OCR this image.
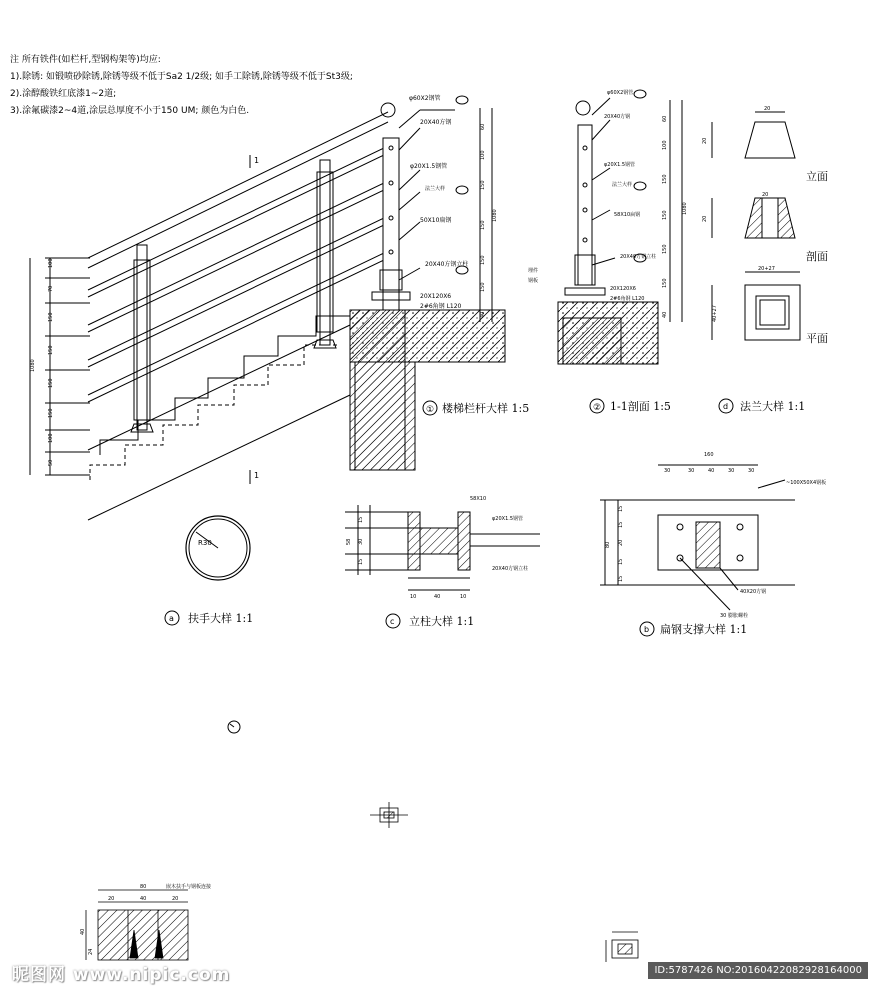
注 所有铁件(如栏杆,型钢构架等)均应:
1).除锈: 如锻喷砂除锈,除锈等级不低于Sa2 1/2级; 如手工除锈,除锈等级不低于St3级;
2).涂醇酸铁红底漆1~2道;
3).涂氟碳漆2~4道,涂层总厚度不小于150 UM; 颜色为白色.
1
1
φ60X2钢管
20X40方钢
φ20X1.5钢管
法兰大样
50X10扁钢
20X40方钢立柱
20X120X6
2#6角钢 L120
100
70
150
150
150
150
100
50
1080
60
100
150
150
150
150
40
1080
① 楼梯栏杆大样 1:5
φ60X2钢管
20X40方钢
φ20X1.5钢管
法兰大样
58X10扁钢
20X40方钢立柱
20X120X6
2#6角钢 L120
埋件
钢板
60
100
150
150
150
150
40
1080
② 1-1剖面 1:5
20
20
20
20
20+27
40+27
立面
剖面
平面
d 法兰大样 1:1
R30
a 扶手大样 1:1
58X10
φ20X1.5钢管
20X40方钢立柱
15
30
15
58
10	40	10
c 立柱大样 1:1
160
30	30	40	30	30
15
15
20
15
15
80
~100X50X4钢板
40X20方钢
30 膨胀螺栓
b 扁钢支撑大样 1:1
嵌木扶手与钢板连接
80
20	40	20
40
24
昵图网 www.nipic.com	ID:5787426 NO:20160422082928164000
